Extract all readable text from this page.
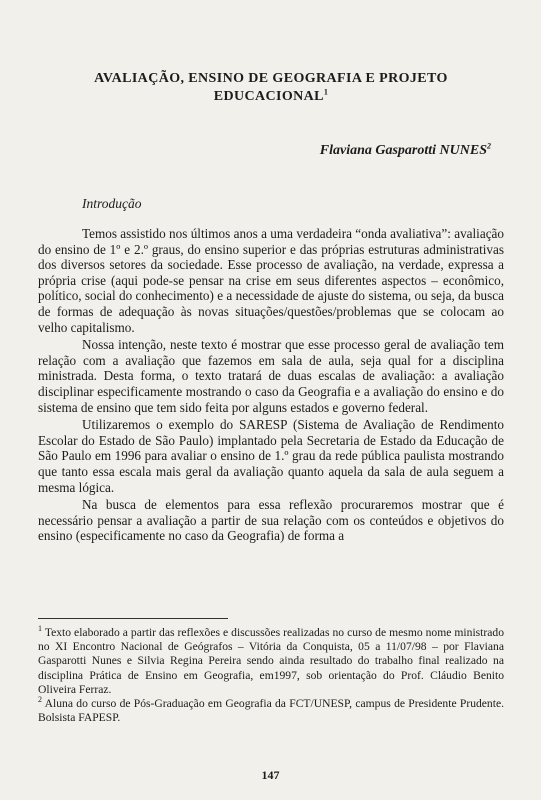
AVALIAÇÃO, ENSINO DE GEOGRAFIA E PROJETO EDUCACIONAL$^1$
Flaviana Gasparotti NUNES$^2$
Introdução

Temos assistido nos últimos anos a uma verdadeira “onda avaliativa”: avaliação do ensino de 1º e 2.º graus, do ensino superior e das próprias estruturas administrativas dos diversos setores da sociedade. Esse processo de avaliação, na verdade, expressa a própria crise (aqui pode-se pensar na crise em seus diferentes aspectos – econômico, político, social do conhecimento) e a necessidade de ajuste do sistema, ou seja, da busca de formas de adequação às novas situações/questões/problemas que se colocam ao velho capitalismo.

Nossa intenção, neste texto é mostrar que esse processo geral de avaliação tem relação com a avaliação que fazemos em sala de aula, seja qual for a disciplina ministrada. Desta forma, o texto tratará de duas escalas de avaliação: a avaliação disciplinar especificamente mostrando o caso da Geografia e a avaliação do ensino e do sistema de ensino que tem sido feita por alguns estados e governo federal.

Utilizaremos o exemplo do SARESP (Sistema de Avaliação de Rendimento Escolar do Estado de São Paulo) implantado pela Secretaria de Estado da Educação de São Paulo em 1996 para avaliar o ensino de 1.º grau da rede pública paulista mostrando que tanto essa escala mais geral da avaliação quanto aquela da sala de aula seguem a mesma lógica.

Na busca de elementos para essa reflexão procuraremos mostrar que é necessário pensar a avaliação a partir de sua relação com os conteúdos e objetivos do ensino (especificamente no caso da Geografia) de forma a

$^1$ Texto elaborado a partir das reflexões e discussões realizadas no curso de mesmo nome ministrado no XI Encontro Nacional de Geógrafos – Vitória da Conquista, 05 a 11/07/98 – por Flaviana Gasparotti Nunes e Silvia Regina Pereira sendo ainda resultado do trabalho final realizado na disciplina Prática de Ensino em Geografia, em1997, sob orientação do Prof. Cláudio Benito Oliveira Ferraz.

$^2$ Aluna do curso de Pós-Graduação em Geografia da FCT/UNESP, campus de Presidente Prudente. Bolsista FAPESP.

147
